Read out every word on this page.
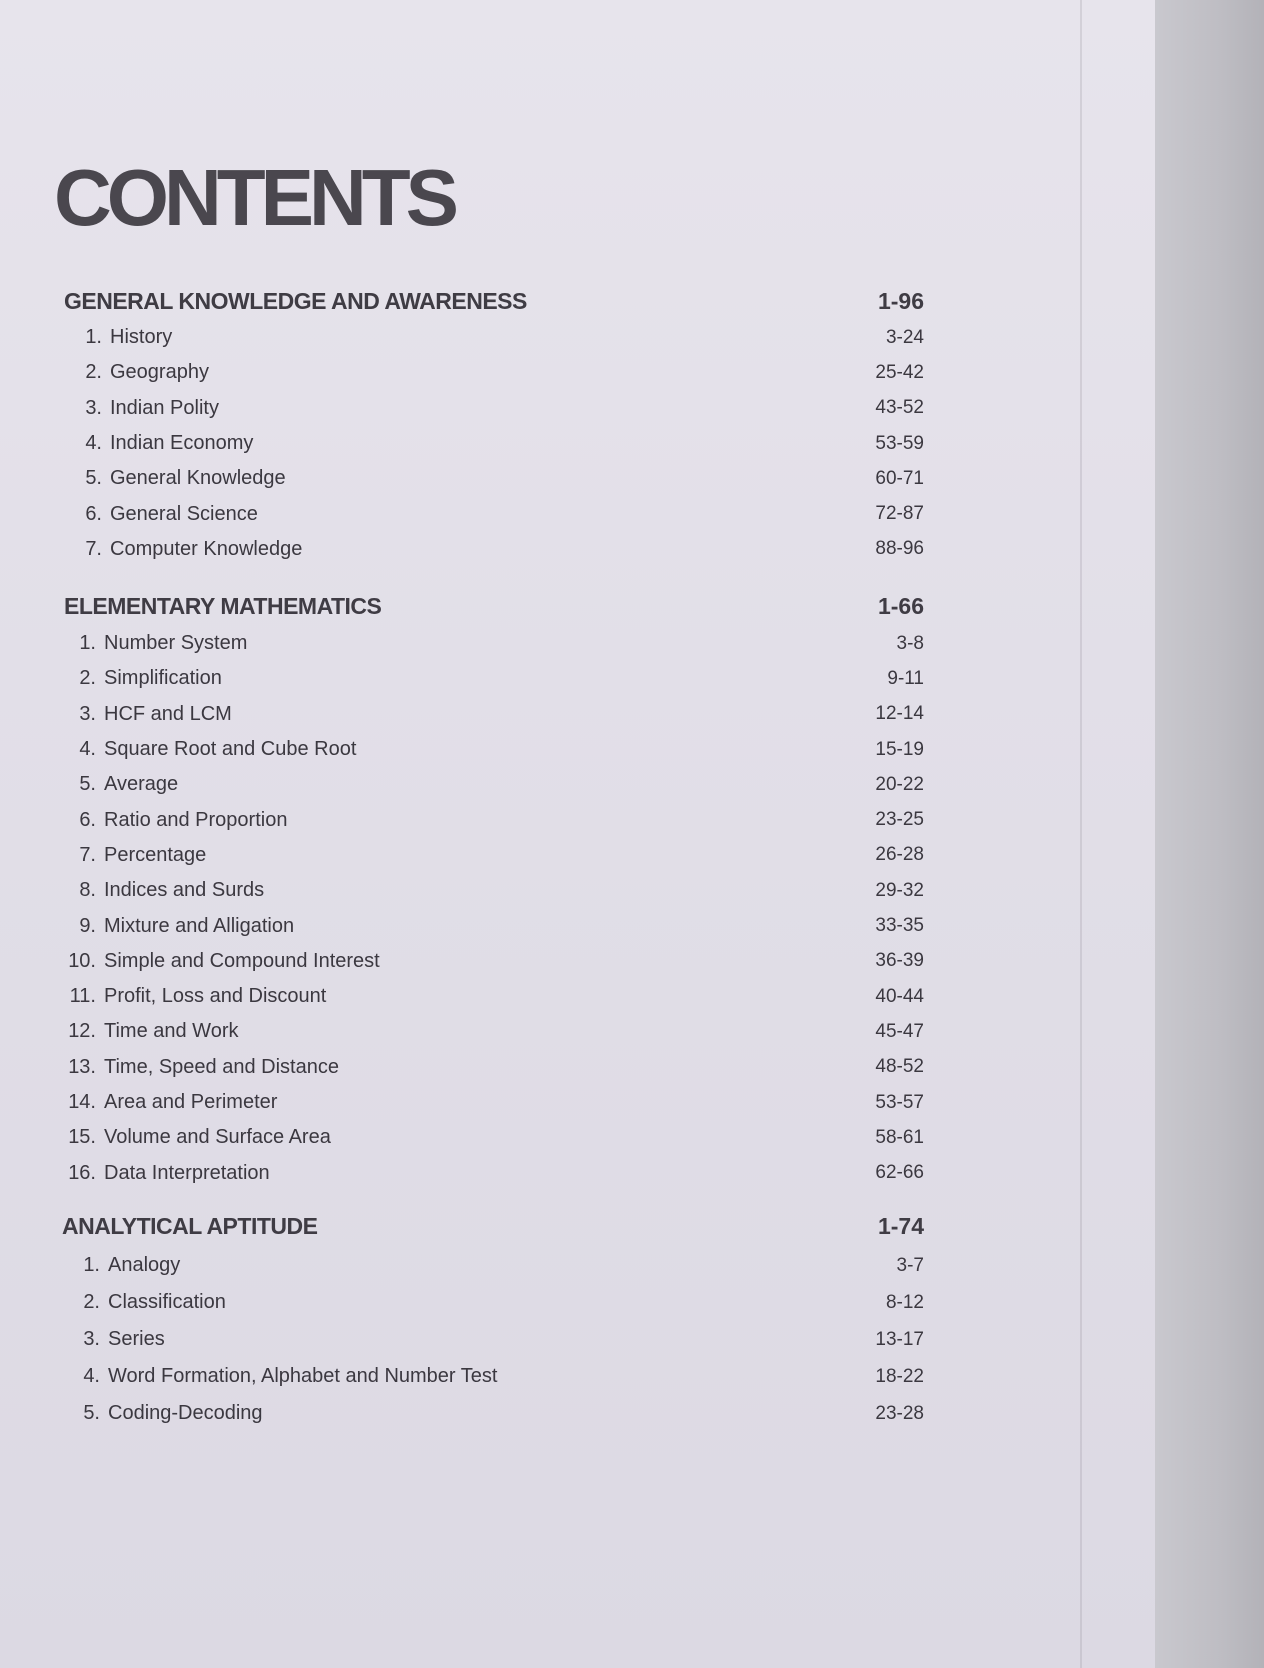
CONTENTS
GENERAL KNOWLEDGE AND AWARENESS	1-96
1. History	3-24
2. Geography	25-42
3. Indian Polity	43-52
4. Indian Economy	53-59
5. General Knowledge	60-71
6. General Science	72-87
7. Computer Knowledge	88-96
ELEMENTARY MATHEMATICS	1-66
1. Number System	3-8
2. Simplification	9-11
3. HCF and LCM	12-14
4. Square Root and Cube Root	15-19
5. Average	20-22
6. Ratio and Proportion	23-25
7. Percentage	26-28
8. Indices and Surds	29-32
9. Mixture and Alligation	33-35
10. Simple and Compound Interest	36-39
11. Profit, Loss and Discount	40-44
12. Time and Work	45-47
13. Time, Speed and Distance	48-52
14. Area and Perimeter	53-57
15. Volume and Surface Area	58-61
16. Data Interpretation	62-66
ANALYTICAL APTITUDE	1-74
1. Analogy	3-7
2. Classification	8-12
3. Series	13-17
4. Word Formation, Alphabet and Number Test	18-22
5. Coding-Decoding	23-28
